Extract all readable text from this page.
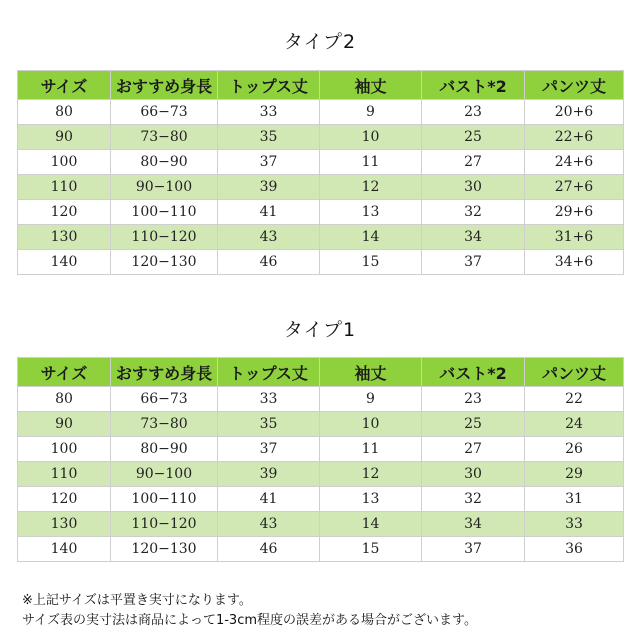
タイプ2
サイズ	おすすめ身長	トップス丈	袖丈	バスト*2	パンツ丈
80	66−73	33	9	23	20+6
90	73−80	35	10	25	22+6
100	80−90	37	11	27	24+6
110	90−100	39	12	30	27+6
120	100−110	41	13	32	29+6
130	110−120	43	14	34	31+6
140	120−130	46	15	37	34+6
タイプ1
サイズ	おすすめ身長	トップス丈	袖丈	バスト*2	パンツ丈
80	66−73	33	9	23	22
90	73−80	35	10	25	24
100	80−90	37	11	27	26
110	90−100	39	12	30	29
120	100−110	41	13	32	31
130	110−120	43	14	34	33
140	120−130	46	15	37	36
※上記サイズは平置き実寸になります。
サイズ表の実寸法は商品によって1-3cm程度の誤差がある場合がございます。
